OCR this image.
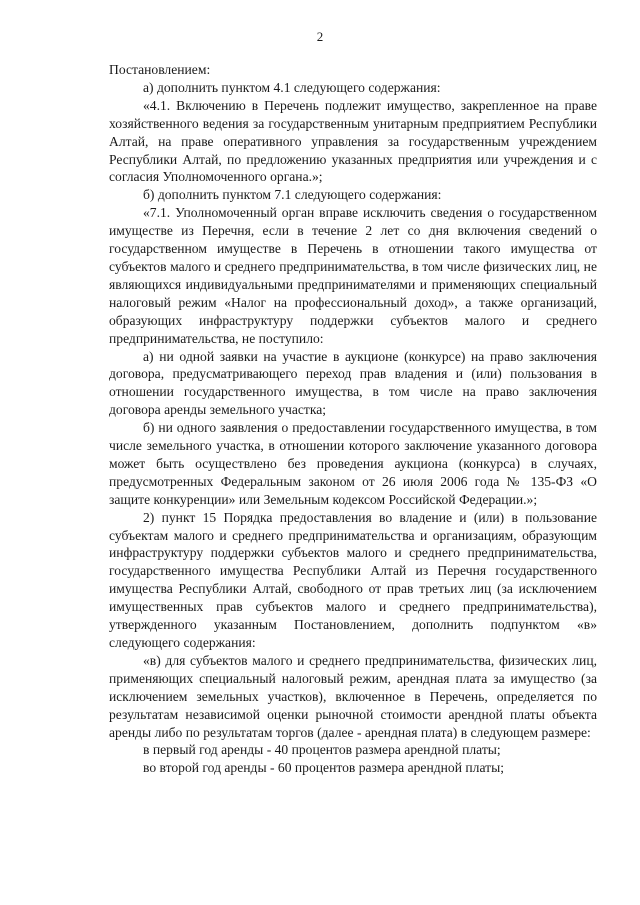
2

Постановлением:

а) дополнить пунктом 4.1 следующего содержания:

«4.1. Включению в Перечень подлежит имущество, закрепленное на праве хозяйственного ведения за государственным унитарным предприятием Республики Алтай, на праве оперативного управления за государственным учреждением Республики Алтай, по предложению указанных предприятия или учреждения и с согласия Уполномоченного органа.»;

б) дополнить пунктом 7.1 следующего содержания:

«7.1. Уполномоченный орган вправе исключить сведения о государственном имуществе из Перечня, если в течение 2 лет со дня включения сведений о государственном имуществе в Перечень в отношении такого имущества от субъектов малого и среднего предпринимательства, в том числе физических лиц, не являющихся индивидуальными предпринимателями и применяющих специальный налоговый режим «Налог на профессиональный доход», а также организаций, образующих инфраструктуру поддержки субъектов малого и среднего предпринимательства, не поступило:

а) ни одной заявки на участие в аукционе (конкурсе) на право заключения договора, предусматривающего переход прав владения и (или) пользования в отношении государственного имущества, в том числе на право заключения договора аренды земельного участка;

б) ни одного заявления о предоставлении государственного имущества, в том числе земельного участка, в отношении которого заключение указанного договора может быть осуществлено без проведения аукциона (конкурса) в случаях, предусмотренных Федеральным законом от 26 июля 2006 года № 135-ФЗ «О защите конкуренции» или Земельным кодексом Российской Федерации.»;

2) пункт 15 Порядка предоставления во владение и (или) в пользование субъектам малого и среднего предпринимательства и организациям, образующим инфраструктуру поддержки субъектов малого и среднего предпринимательства, государственного имущества Республики Алтай из Перечня государственного имущества Республики Алтай, свободного от прав третьих лиц (за исключением имущественных прав субъектов малого и среднего предпринимательства), утвержденного указанным Постановлением, дополнить подпунктом «в» следующего содержания:

«в) для субъектов малого и среднего предпринимательства, физических лиц, применяющих специальный налоговый режим, арендная плата за имущество (за исключением земельных участков), включенное в Перечень, определяется по результатам независимой оценки рыночной стоимости арендной платы объекта аренды либо по результатам торгов (далее - арендная плата) в следующем размере:

в первый год аренды - 40 процентов размера арендной платы;

во второй год аренды - 60 процентов размера арендной платы;
